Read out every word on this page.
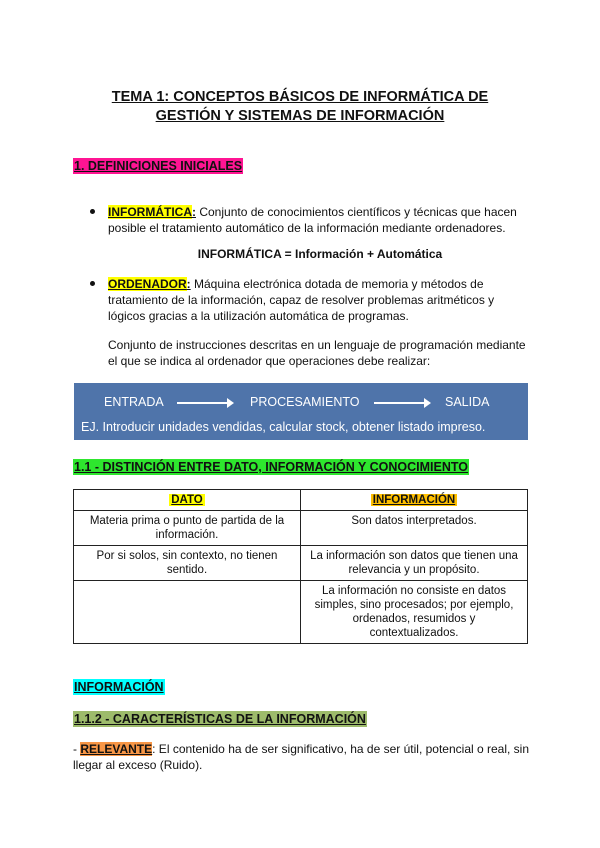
TEMA 1: CONCEPTOS BÁSICOS DE INFORMÁTICA DE
GESTIÓN Y SISTEMAS DE INFORMACIÓN
1. DEFINICIONES INICIALES
INFORMÁTICA: Conjunto de conocimientos científicos y técnicas que hacen posible el tratamiento automático de la información mediante ordenadores.
INFORMÁTICA = Información + Automática
ORDENADOR: Máquina electrónica dotada de memoria y métodos de tratamiento de la información, capaz de resolver problemas aritméticos y lógicos gracias a la utilización automática de programas.
Conjunto de instrucciones descritas en un lenguaje de programación mediante el que se indica al ordenador que operaciones debe realizar:
ENTRADA	PROCESAMIENTO	SALIDA
EJ. Introducir unidades vendidas, calcular stock, obtener listado impreso.
1.1 - DISTINCIÓN ENTRE DATO, INFORMACIÓN Y CONOCIMIENTO
DATO	INFORMACIÓN
Materia prima o punto de partida de la información.	Son datos interpretados.
Por si solos, sin contexto, no tienen sentido.	La información son datos que tienen una relevancia y un propósito.
	La información no consiste en datos simples, sino procesados; por ejemplo, ordenados, resumidos y contextualizados.
INFORMACIÓN
1.1.2 - CARACTERÍSTICAS DE LA INFORMACIÓN
- RELEVANTE: El contenido ha de ser significativo, ha de ser útil, potencial o real, sin llegar al exceso (Ruido).
